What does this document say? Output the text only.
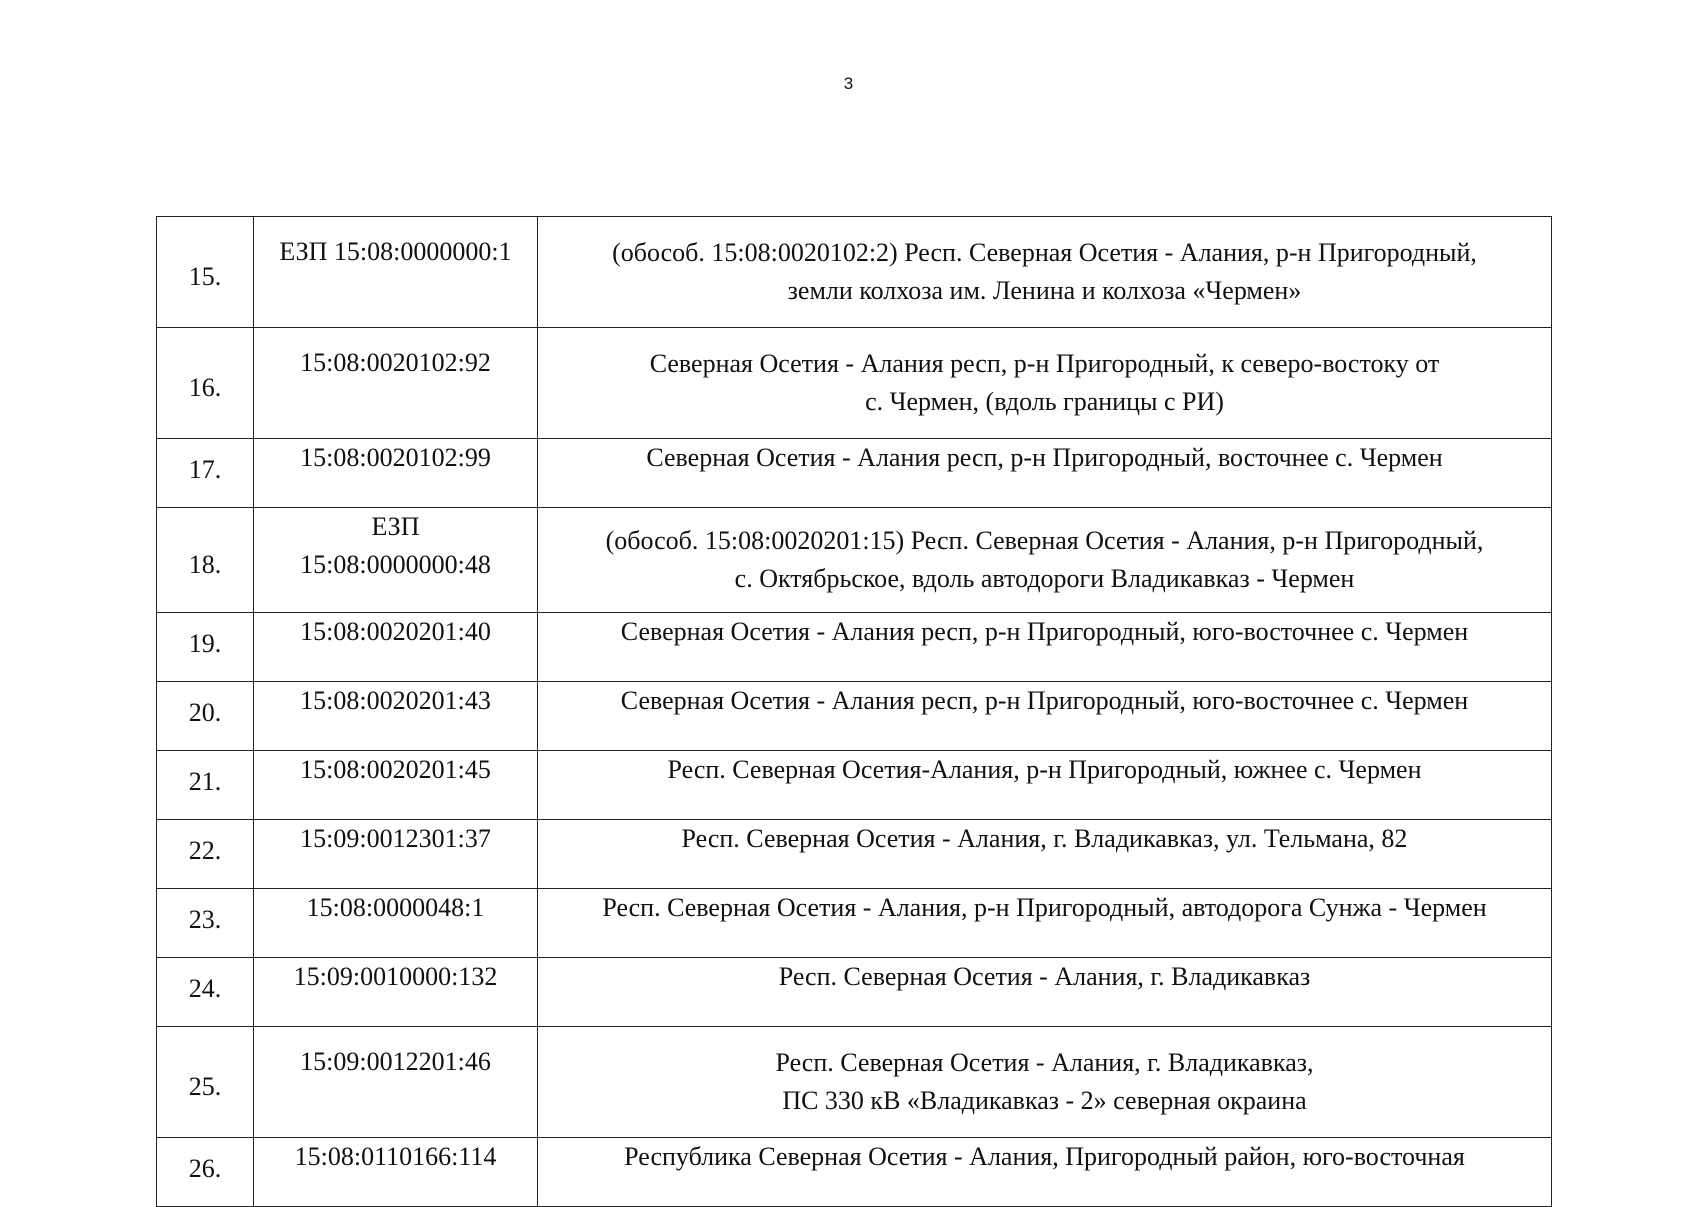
3
15.	ЕЗП 15:08:0000000:1	(обособ. 15:08:0020102:2) Респ. Северная Осетия - Алания, р-н Пригородный,
земли колхоза им. Ленина и колхоза «Чермен»

16.	15:08:0020102:92	Северная Осетия - Алания респ, р-н Пригородный, к северо-востоку от
с. Чермен, (вдоль границы с РИ)

17.	15:08:0020102:99	Северная Осетия - Алания респ, р-н Пригородный, восточнее с. Чермен

18.	ЕЗП
15:08:0000000:48	(обособ. 15:08:0020201:15) Респ. Северная Осетия - Алания, р-н Пригородный,
с. Октябрьское, вдоль автодороги Владикавказ - Чермен

19.	15:08:0020201:40	Северная Осетия - Алания респ, р-н Пригородный, юго-восточнее с. Чермен

20.	15:08:0020201:43	Северная Осетия - Алания респ, р-н Пригородный, юго-восточнее с. Чермен

21.	15:08:0020201:45	Респ. Северная Осетия-Алания, р-н Пригородный, южнее с. Чермен

22.	15:09:0012301:37	Респ. Северная Осетия - Алания, г. Владикавказ, ул. Тельмана, 82

23.	15:08:0000048:1	Респ. Северная Осетия - Алания, р-н Пригородный, автодорога Сунжа - Чермен

24.	15:09:0010000:132	Респ. Северная Осетия - Алания, г. Владикавказ

25.	15:09:0012201:46	Респ. Северная Осетия - Алания, г. Владикавказ,
ПС 330 кВ «Владикавказ - 2» северная окраина

26.	15:08:0110166:114	Республика Северная Осетия - Алания, Пригородный район, юго-восточная
